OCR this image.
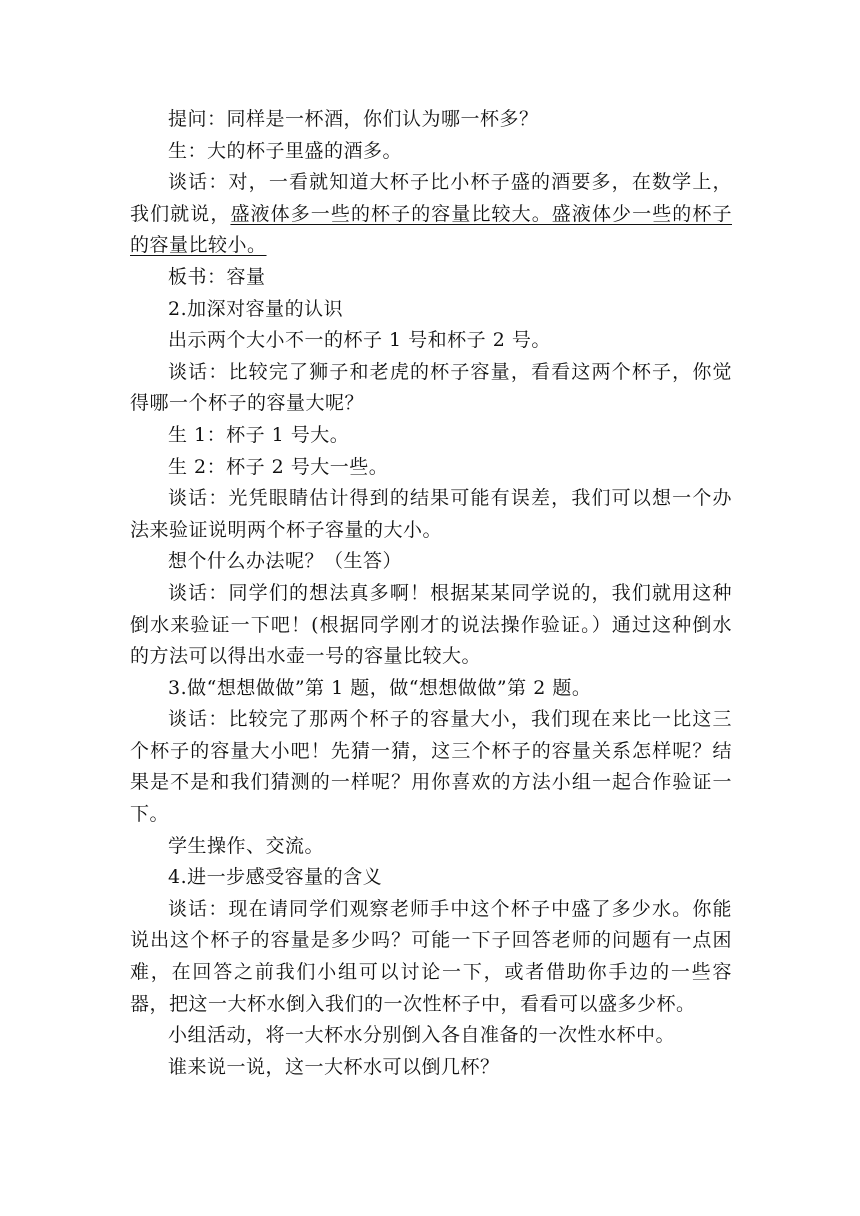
提问：同样是一杯酒，你们认为哪一杯多？

生：大的杯子里盛的酒多。

谈话：对，一看就知道大杯子比小杯子盛的酒要多，在数学上，我们就说，盛液体多一些的杯子的容量比较大。盛液体少一些的杯子的容量比较小。

板书：容量

2.加深对容量的认识

出示两个大小不一的杯子 1 号和杯子 2 号。

谈话：比较完了狮子和老虎的杯子容量，看看这两个杯子，你觉得哪一个杯子的容量大呢？

生 1：杯子 1 号大。

生 2：杯子 2 号大一些。

谈话：光凭眼睛估计得到的结果可能有误差，我们可以想一个办法来验证说明两个杯子容量的大小。

想个什么办法呢？（生答）

谈话：同学们的想法真多啊！根据某某同学说的，我们就用这种倒水来验证一下吧！(根据同学刚才的说法操作验证。）通过这种倒水的方法可以得出水壶一号的容量比较大。

3.做“想想做做”第 1 题，做“想想做做”第 2 题。

谈话：比较完了那两个杯子的容量大小，我们现在来比一比这三个杯子的容量大小吧！先猜一猜，这三个杯子的容量关系怎样呢？结果是不是和我们猜测的一样呢？用你喜欢的方法小组一起合作验证一下。

学生操作、交流。

4.进一步感受容量的含义

谈话：现在请同学们观察老师手中这个杯子中盛了多少水。你能说出这个杯子的容量是多少吗？可能一下子回答老师的问题有一点困难，在回答之前我们小组可以讨论一下，或者借助你手边的一些容器，把这一大杯水倒入我们的一次性杯子中，看看可以盛多少杯。

小组活动，将一大杯水分别倒入各自准备的一次性水杯中。

谁来说一说，这一大杯水可以倒几杯？
